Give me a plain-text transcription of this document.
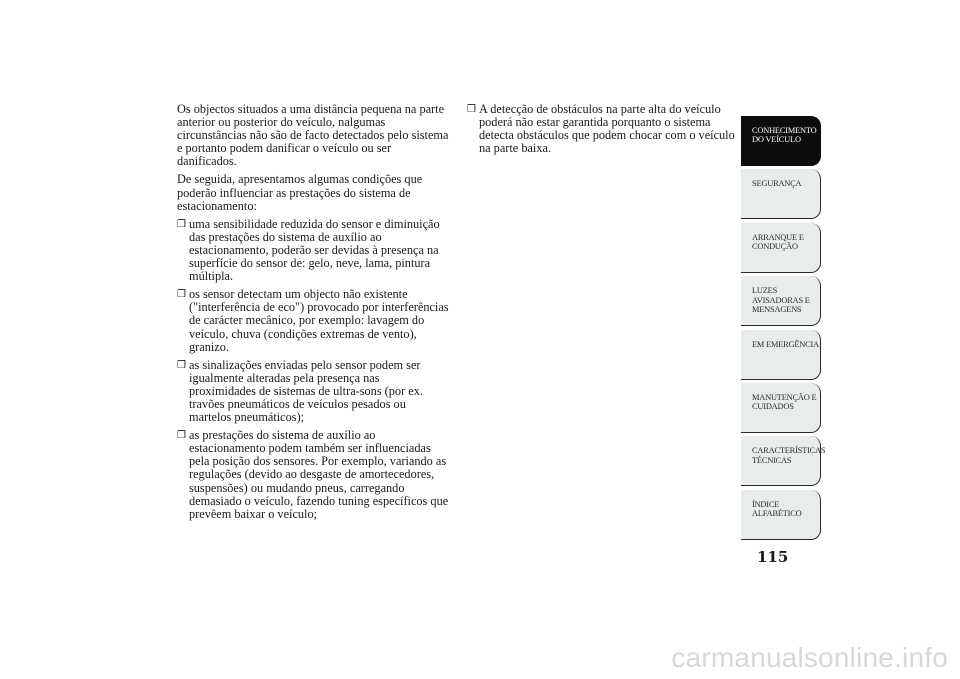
Os objectos situados a uma distância pequena na parte anterior ou posterior do veículo, nalgumas circunstâncias não são de facto detectados pelo sistema e portanto podem danificar o veículo ou ser danificados.

De seguida, apresentamos algumas condições que poderão influenciar as prestações do sistema de estacionamento:

❒ uma sensibilidade reduzida do sensor e diminuição das prestações do sistema de auxílio ao estacionamento, poderão ser devidas à presença na superfície do sensor de: gelo, neve, lama, pintura múltipla.
❒ os sensor detectam um objecto não existente ("interferência de eco") provocado por interferências de carácter mecânico, por exemplo: lavagem do veículo, chuva (condições extremas de vento), granizo.
❒ as sinalizações enviadas pelo sensor podem ser igualmente alteradas pela presença nas proximidades de sistemas de ultra-sons (por ex. travões pneumáticos de veículos pesados ou martelos pneumáticos);
❒ as prestações do sistema de auxílio ao estacionamento podem também ser influenciadas pela posição dos sensores. Por exemplo, variando as regulações (devido ao desgaste de amortecedores, suspensões) ou mudando pneus, carregando demasiado o veículo, fazendo tuning específicos que prevêem baixar o veículo;
❒ A detecção de obstáculos na parte alta do veículo poderá não estar garantida porquanto o sistema detecta obstáculos que podem chocar com o veículo na parte baixa.
CONHECIMENTO
DO VEÍCULO
SEGURANÇA
ARRANQUE E
CONDUÇÃO
LUZES
AVISADORAS E
MENSAGENS
EM EMERGÊNCIA
MANUTENÇÃO E
CUIDADOS
CARACTERÍSTICAS
TÉCNICAS
ÍNDICE
ALFABÉTICO
115
carmanualsonline.info
